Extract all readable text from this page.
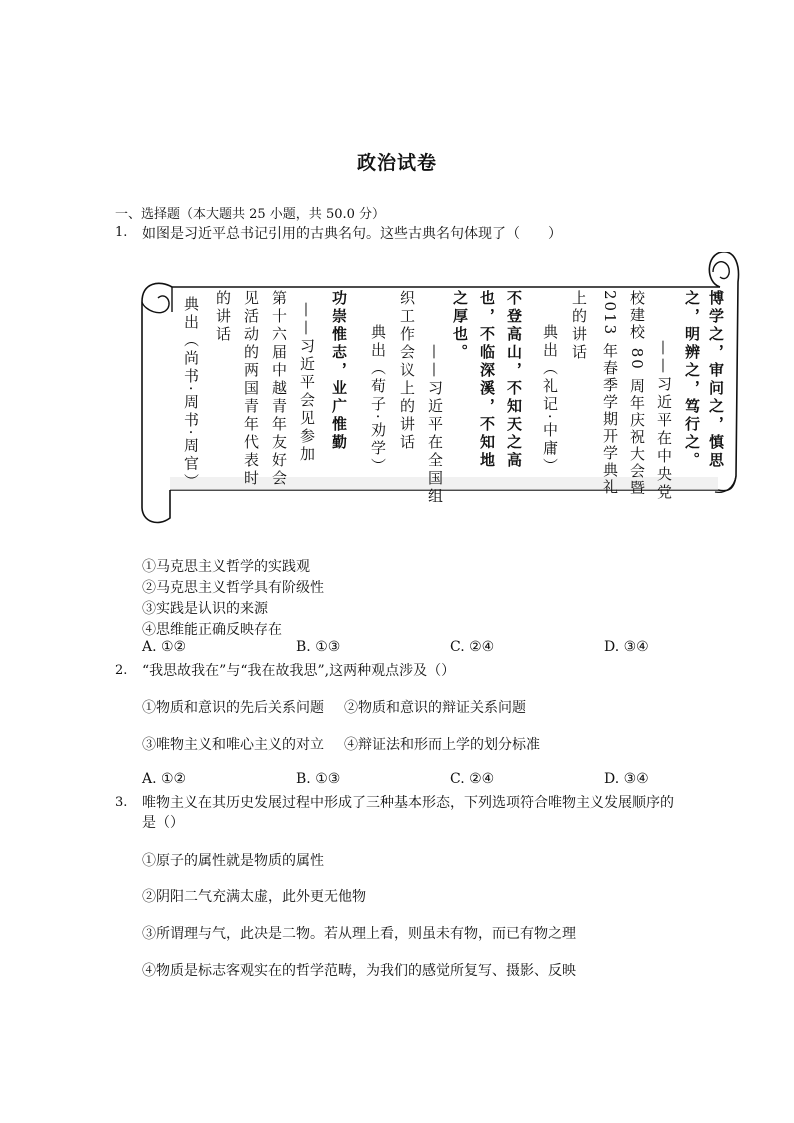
政治试卷
一、选择题（本大题共 25 小题，共 50.0 分）
1. 如图是习近平总书记引用的古典名句。这些古典名句体现了（　　）
博学之，审问之，慎思
之，明辨之，笃行之。
——习近平在中央党
校建校 80 周年庆祝大会暨
2013 年春季学期开学典礼
上的讲话
典出（礼记·中庸）
不登高山，不知天之高
也，不临深溪，不知地
之厚也。
——习近平在全国组
织工作会议上的讲话
典出（荀子·劝学）
功崇惟志，业广惟勤
——习近平会见参加
第十六届中越青年友好会
见活动的两国青年代表时
的讲话
典出（尚书·周书·周官）
①马克思主义哲学的实践观
②马克思主义哲学具有阶级性
③实践是认识的来源
④思维能正确反映存在
A. ①②	B. ①③	C. ②④	D. ③④
2. “我思故我在”与“我在故我思”,这两种观点涉及（）
①物质和意识的先后关系问题 ②物质和意识的辩证关系问题
③唯物主义和唯心主义的对立 ④辩证法和形而上学的划分标准
A. ①②	B. ①③	C. ②④	D. ③④
3. 唯物主义在其历史发展过程中形成了三种基本形态，下列选项符合唯物主义发展顺序的
是（）
①原子的属性就是物质的属性
②阴阳二气充满太虚，此外更无他物
③所谓理与气，此决是二物。若从理上看，则虽未有物，而已有物之理
④物质是标志客观实在的哲学范畴，为我们的感觉所复写、摄影、反映
